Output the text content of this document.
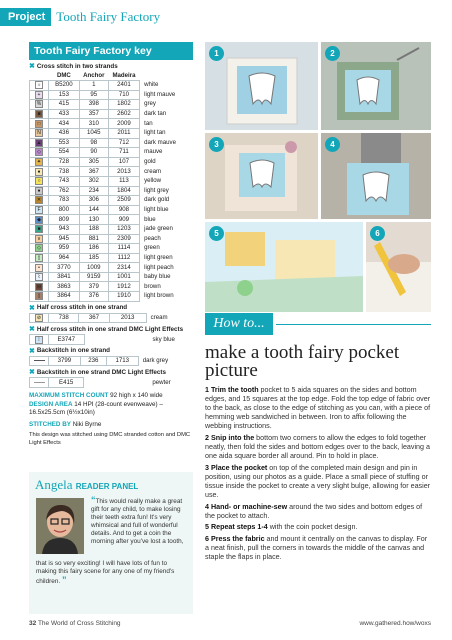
Project Tooth Fairy Factory
Tooth Fairy Factory key
✖ Cross stitch in two strands
	DMC	Anchor	Madeira	
☼	B5200	1	2401	white
+	153	95	710	light mauve
%	415	398	1802	grey
■	433	357	2602	dark tan
□	434	310	2009	tan
N	436	1045	2011	light tan
▲	553	98	712	dark mauve
◇	554	90	711	mauve
✦	728	305	107	gold
●	738	367	2013	cream
○	743	302	113	yellow
●	762	234	1804	light grey
✕	783	306	2509	dark gold
F	800	144	908	light blue
◆	809	130	909	blue
■	943	188	1203	jade green
∨	945	881	2309	peach
◇	959	186	1114	green
▯	964	185	1112	light green
•	3770	1009	2314	light peach
⌇	3841	9159	1001	baby blue
⊞	3863	379	1912	brown
▯	3864	376	1910	light brown
✖ Half cross stitch in one strand
⊘	738	367	2013	cream
✖ Half cross stitch in one strand DMC Light Effects
⁞	E3747		sky blue
✖ Backstitch in one strand
	3799	236	1713	dark grey
✖ Backstitch in one strand DMC Light Effects
	E415		pewter
MAXIMUM STITCH COUNT 92 high x 140 wide
DESIGN AREA 14 HPI (28-count evenweave) – 16.5x25.5cm (6½x10in)
STITCHED BY Niki Byrne
This design was stitched using DMC stranded cotton and DMC Light Effects
Angela READER PANEL
“This would really make a great gift for any child, to make losing their teeth extra fun! It's very whimsical and full of wonderful details. And to get a coin the morning after you've lost a tooth,
that is so very exciting! I will have lots of fun to making this fairy scene for any one of my friend's children. ”
1	2
3	4
5	6
How to...
make a tooth fairy pocket picture

1 Trim the tooth pocket to 5 aida squares on the sides and bottom edges, and 15 squares at the top edge. Fold the top edge of fabric over to the back, as close to the edge of stitching as you can, with a piece of hemming web sandwiched in between. Iron to affix following the webbing instructions.

2 Snip into the bottom two corners to allow the edges to fold together neatly, then fold the sides and bottom edges over to the back, leaving a one aida square border all around. Pin to hold in place.

3 Place the pocket on top of the completed main design and pin in position, using our photos as a guide. Place a small piece of stuffing or tissue inside the pocket to create a very slight bulge, allowing for easier use.

4 Hand- or machine-sew around the two sides and bottom edges of the pocket to attach.

5 Repeat steps 1-4 with the coin pocket design.

6 Press the fabric and mount it centrally on the canvas to display. For a neat finish, pull the corners in towards the middle of the canvas and staple the flaps in place.

32 The World of Cross Stitching	www.gathered.how/woxs
